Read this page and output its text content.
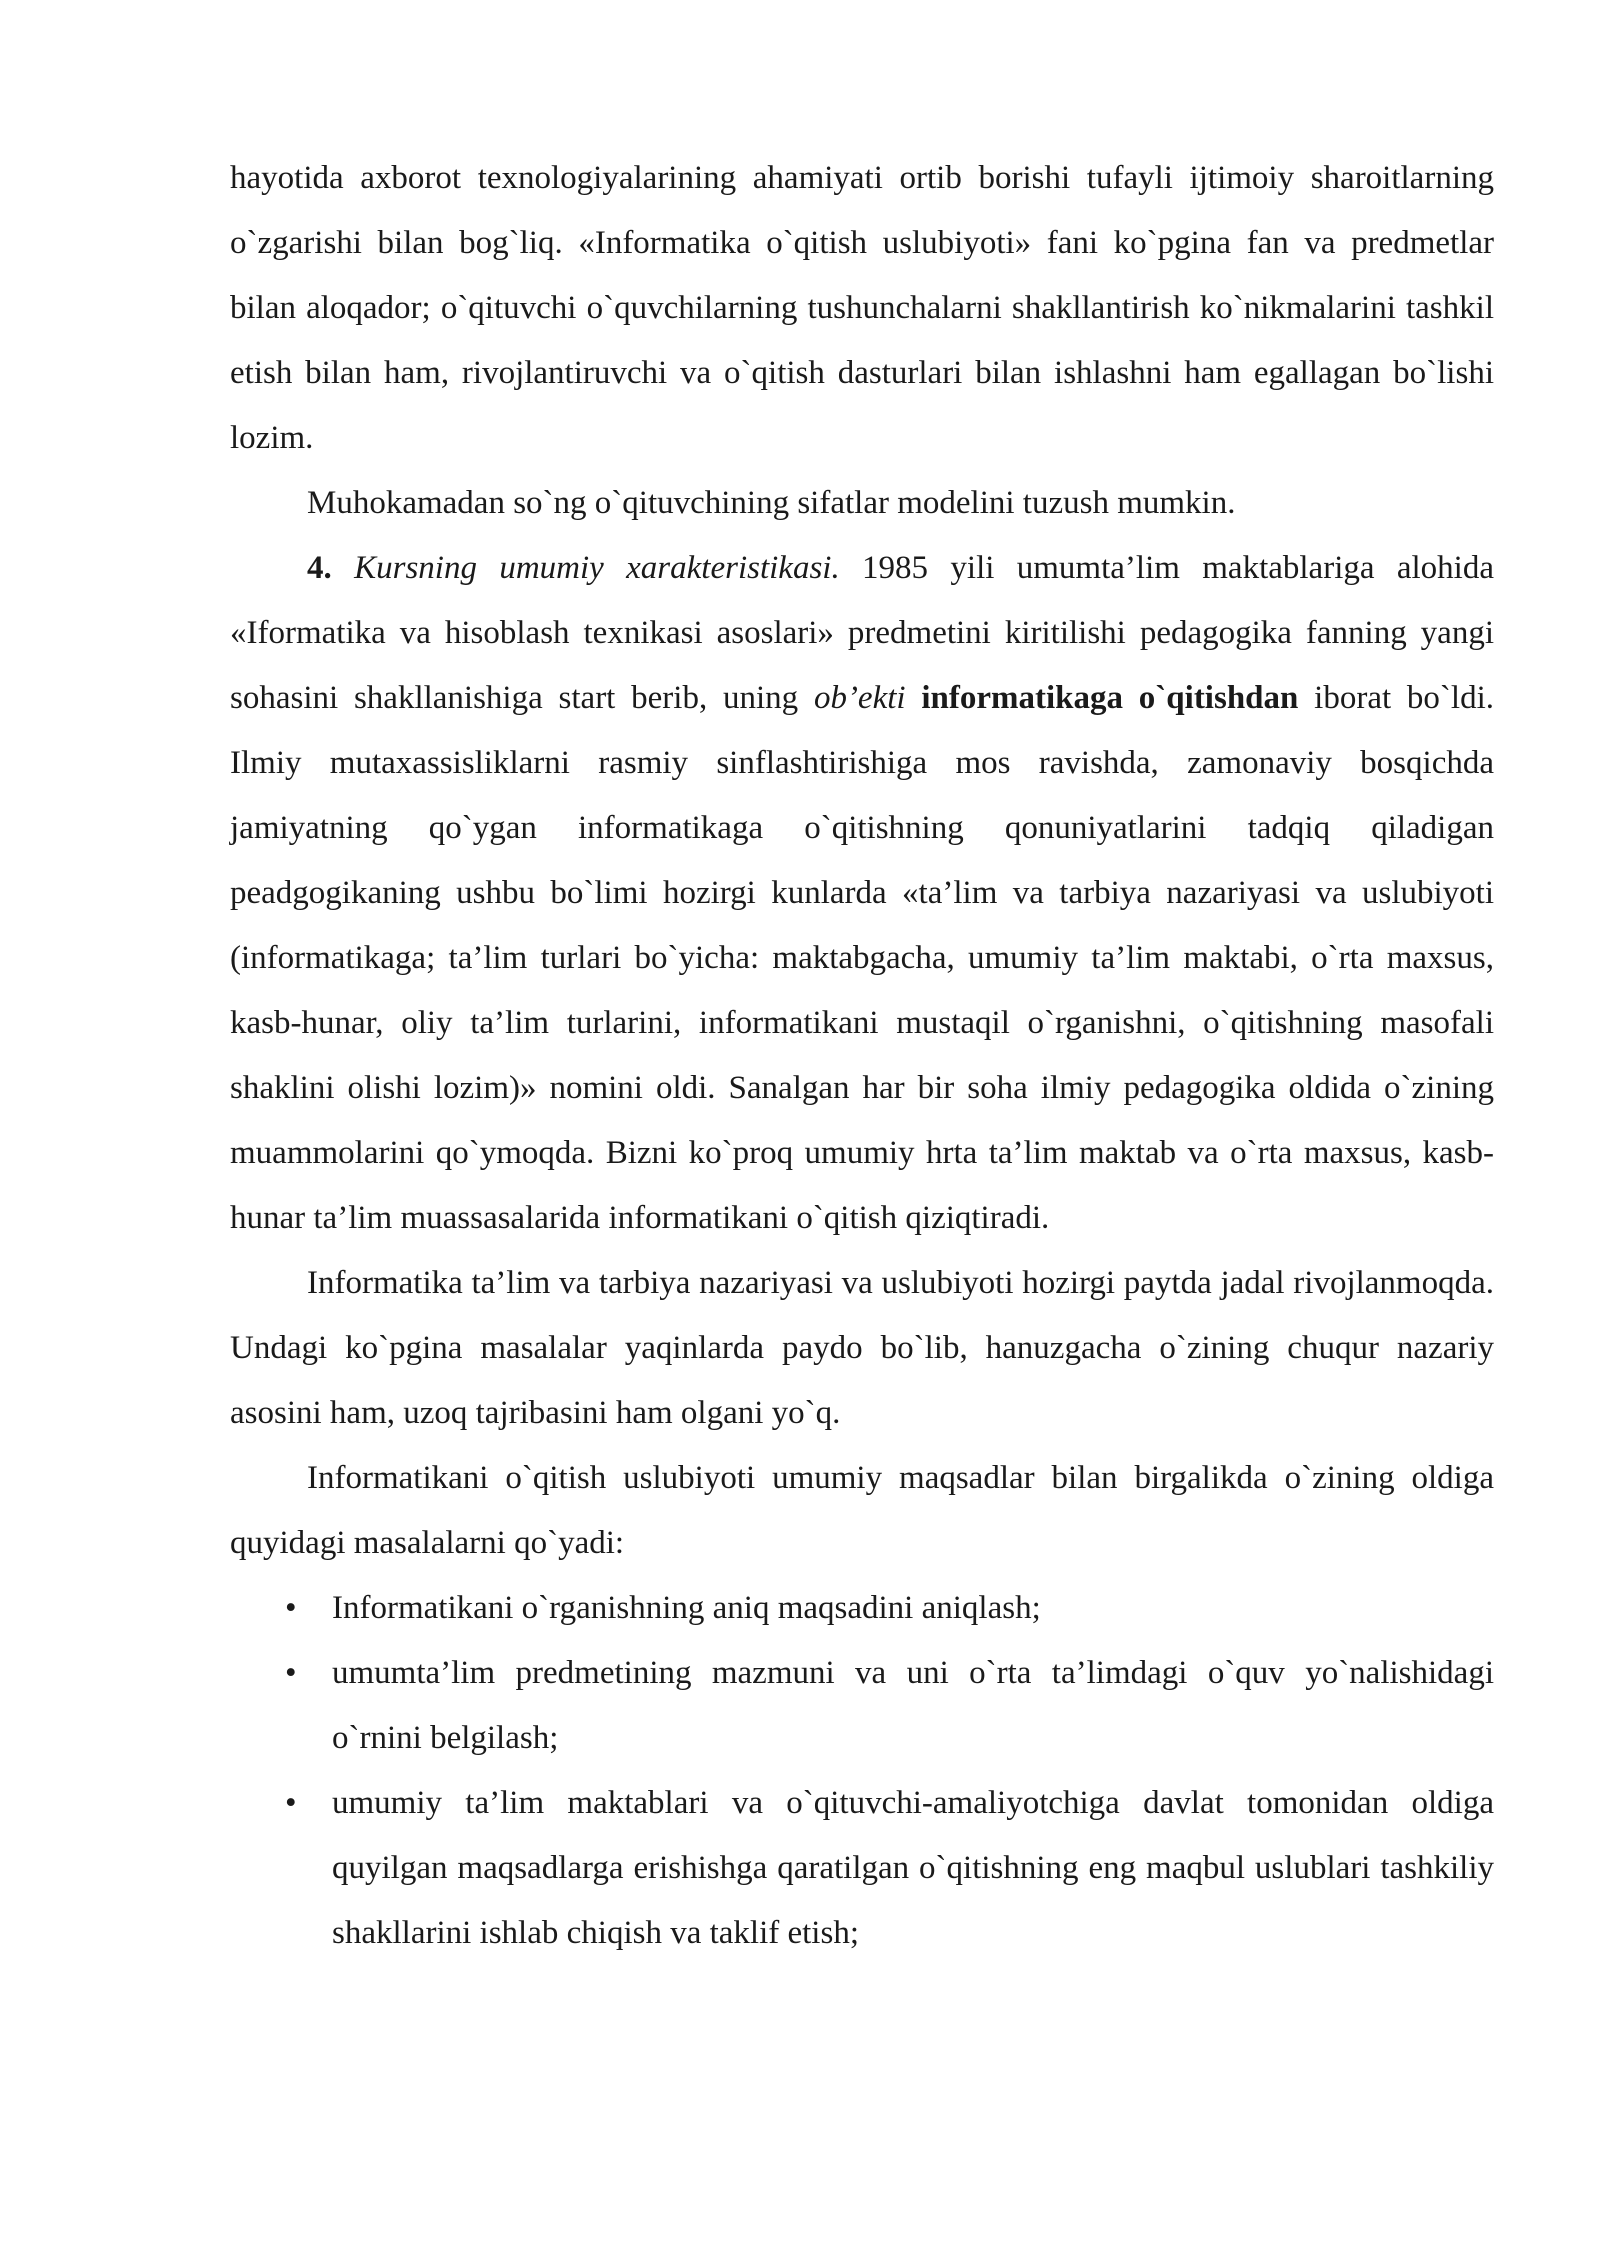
hayotida axborot texnologiyalarining ahamiyati ortib borishi tufayli ijtimoiy sharoitlarning o`zgarishi bilan bog`liq. «Informatika o`qitish uslubiyoti» fani ko`pgina fan va predmetlar bilan aloqador; o`qituvchi o`quvchilarning tushunchalarni shakllantirish ko`nikmalarini tashkil etish bilan ham, rivojlantiruvchi va o`qitish dasturlari bilan ishlashni ham egallagan bo`lishi lozim.

Muhokamadan so`ng o`qituvchining sifatlar modelini tuzush mumkin.

4. Kursning umumiy xarakteristikasi. 1985 yili umumta’lim maktablariga alohida «Iformatika va hisoblash texnikasi asoslari» predmetini kiritilishi pedagogika fanning yangi sohasini shakllanishiga start berib, uning ob’ekti informatikaga o`qitishdan iborat bo`ldi. Ilmiy mutaxassisliklarni rasmiy sinflashtirishiga mos ravishda, zamonaviy bosqichda jamiyatning qo`ygan informatikaga o`qitishning qonuniyatlarini tadqiq qiladigan peadgogikaning ushbu bo`limi hozirgi kunlarda «ta’lim va tarbiya nazariyasi va uslubiyoti (informatikaga; ta’lim turlari bo`yicha: maktabgacha, umumiy ta’lim maktabi, o`rta maxsus, kasb-hunar, oliy ta’lim turlarini, informatikani mustaqil o`rganishni, o`qitishning masofali shaklini olishi lozim)» nomini oldi. Sanalgan har bir soha ilmiy pedagogika oldida o`zining muammolarini qo`ymoqda. Bizni ko`proq umumiy hrta ta’lim maktab va o`rta maxsus, kasb-hunar ta’lim muassasalarida informatikani o`qitish qiziqtiradi.

Informatika ta’lim va tarbiya nazariyasi va uslubiyoti hozirgi paytda jadal rivojlanmoqda. Undagi ko`pgina masalalar yaqinlarda paydo bo`lib, hanuzgacha o`zining chuqur nazariy asosini ham, uzoq tajribasini ham olgani yo`q.

Informatikani o`qitish uslubiyoti umumiy maqsadlar bilan birgalikda o`zining oldiga quyidagi masalalarni qo`yadi:

•	Informatikani o`rganishning aniq maqsadini aniqlash;
•	umumta’lim predmetining mazmuni va uni o`rta ta’limdagi o`quv yo`nalishidagi o`rnini belgilash;
•	umumiy ta’lim maktablari va o`qituvchi-amaliyotchiga davlat tomonidan oldiga quyilgan maqsadlarga erishishga qaratilgan o`qitishning eng maqbul uslublari tashkiliy shakllarini ishlab chiqish va taklif etish;
